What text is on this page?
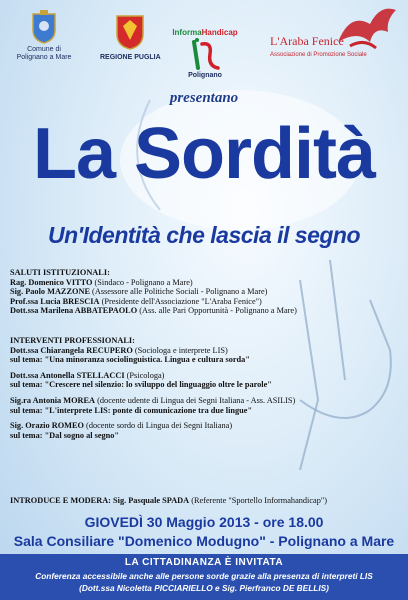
Comune di
Polignano a Mare	REGIONE PUGLIA
InformaHandicap
Polignano
L'Araba Fenice
Associazione di Promozione Sociale
presentano
La Sordità
Un'Identità che lascia il segno
SALUTI ISTITUZIONALI:
Rag. Domenico VITTO (Sindaco - Polignano a Mare)
Sig. Paolo MAZZONE (Assessore alle Politiche Sociali - Polignano a Mare)
Prof.ssa Lucia BRESCIA (Presidente dell'Associazione "L'Araba Fenice")
Dott.ssa Marilena ABBATEPAOLO (Ass. alle Pari Opportunità - Polignano a Mare)
INTERVENTI PROFESSIONALI:
Dott.ssa Chiarangela RECUPERO (Sociologa e interprete LIS)
sul tema: "Una minoranza sociolinguistica. Lingua e cultura sorda"
Dott.ssa Antonella STELLACCI (Psicologa)
sul tema: "Crescere nel silenzio: lo sviluppo del linguaggio oltre le parole"
Sig.ra Antonia MOREA (docente udente di Lingua dei Segni Italiana - Ass. ASILIS)
sul tema: "L'interprete LIS: ponte di comunicazione tra due lingue"
Sig. Orazio ROMEO (docente sordo di Lingua dei Segni Italiana)
sul tema: "Dal sogno al segno"
INTRODUCE E MODERA: Sig. Pasquale SPADA (Referente "Sportello Informahandicap")
GIOVEDÌ 30 Maggio 2013 - ore 18.00
Sala Consiliare "Domenico Modugno" - Polignano a Mare
LA CITTADINANZA È INVITATA
Conferenza accessibile anche alle persone sorde grazie alla presenza di interpreti LIS
(Dott.ssa Nicoletta PICCIARIELLO e Sig. Pierfranco DE BELLIS)
